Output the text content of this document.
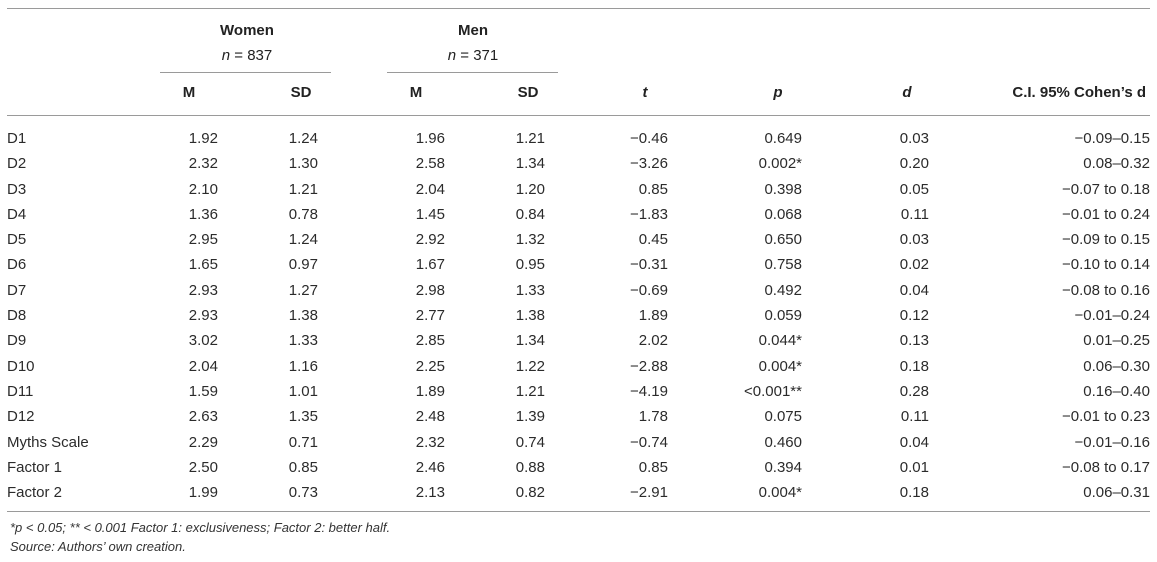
Women
n = 837
Men
n = 371
M	SD	M	SD	t	p	d	C.I. 95% Cohen’s d
D1	1.92	1.24	1.96	1.21	−0.46	0.649	0.03	−0.09–0.15
D2	2.32	1.30	2.58	1.34	−3.26	0.002*	0.20	0.08–0.32
D3	2.10	1.21	2.04	1.20	0.85	0.398	0.05	−0.07 to 0.18
D4	1.36	0.78	1.45	0.84	−1.83	0.068	0.11	−0.01 to 0.24
D5	2.95	1.24	2.92	1.32	0.45	0.650	0.03	−0.09 to 0.15
D6	1.65	0.97	1.67	0.95	−0.31	0.758	0.02	−0.10 to 0.14
D7	2.93	1.27	2.98	1.33	−0.69	0.492	0.04	−0.08 to 0.16
D8	2.93	1.38	2.77	1.38	1.89	0.059	0.12	−0.01–0.24
D9	3.02	1.33	2.85	1.34	2.02	0.044*	0.13	0.01–0.25
D10	2.04	1.16	2.25	1.22	−2.88	0.004*	0.18	0.06–0.30
D11	1.59	1.01	1.89	1.21	−4.19	<0.001**	0.28	0.16–0.40
D12	2.63	1.35	2.48	1.39	1.78	0.075	0.11	−0.01 to 0.23
Myths Scale	2.29	0.71	2.32	0.74	−0.74	0.460	0.04	−0.01–0.16
Factor 1	2.50	0.85	2.46	0.88	0.85	0.394	0.01	−0.08 to 0.17
Factor 2	1.99	0.73	2.13	0.82	−2.91	0.004*	0.18	0.06–0.31
*p < 0.05; ** < 0.001 Factor 1: exclusiveness; Factor 2: better half.
Source: Authors’ own creation.
